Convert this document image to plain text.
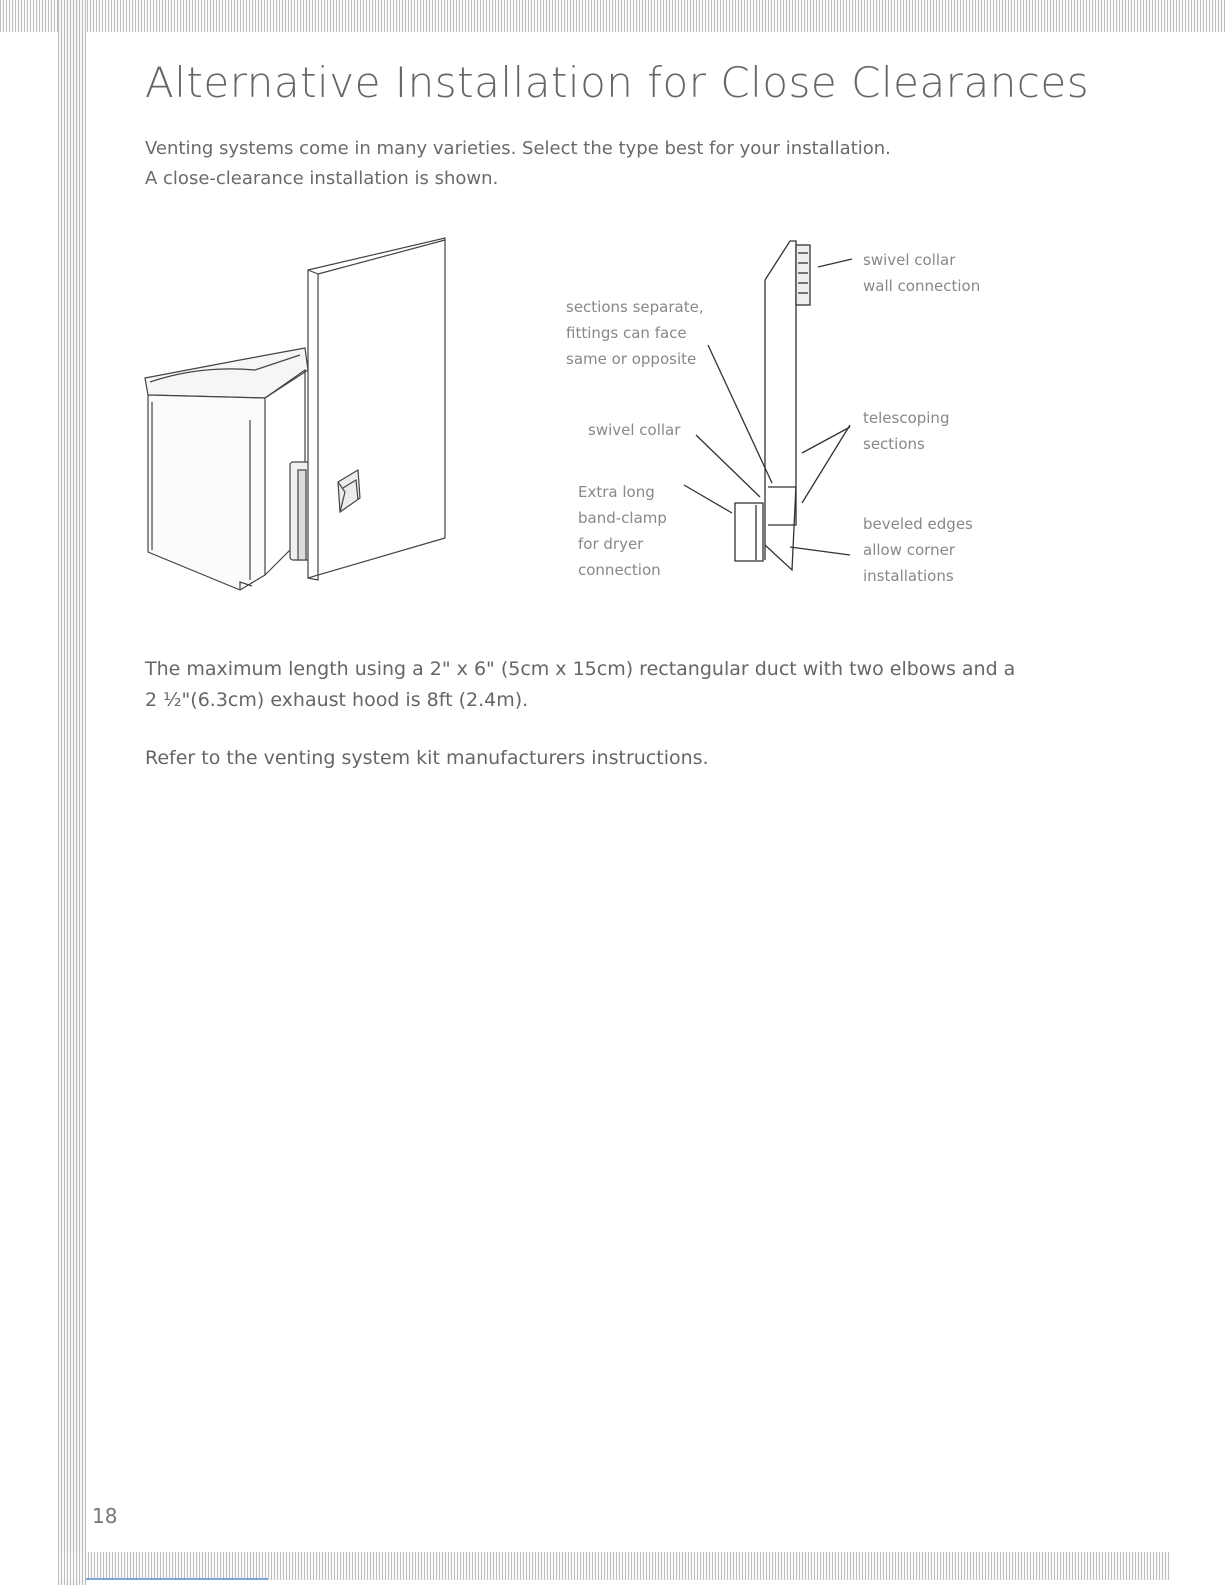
Alternative Installation for Close Clearances

Venting systems come in many varieties. Select the type best for your installation.

A close-clearance installation is shown.

sections separate,
fittings can face
same or opposite
swivel collar
Extra long
band-clamp
for dryer
connection
swivel collar
wall connection
telescoping
sections
beveled edges
allow corner
installations

The maximum length using a 2" x 6" (5cm x 15cm) rectangular duct with two elbows and a

2 ½"(6.3cm) exhaust hood is 8ft (2.4m).

Refer to the venting system kit manufacturers instructions.

18
